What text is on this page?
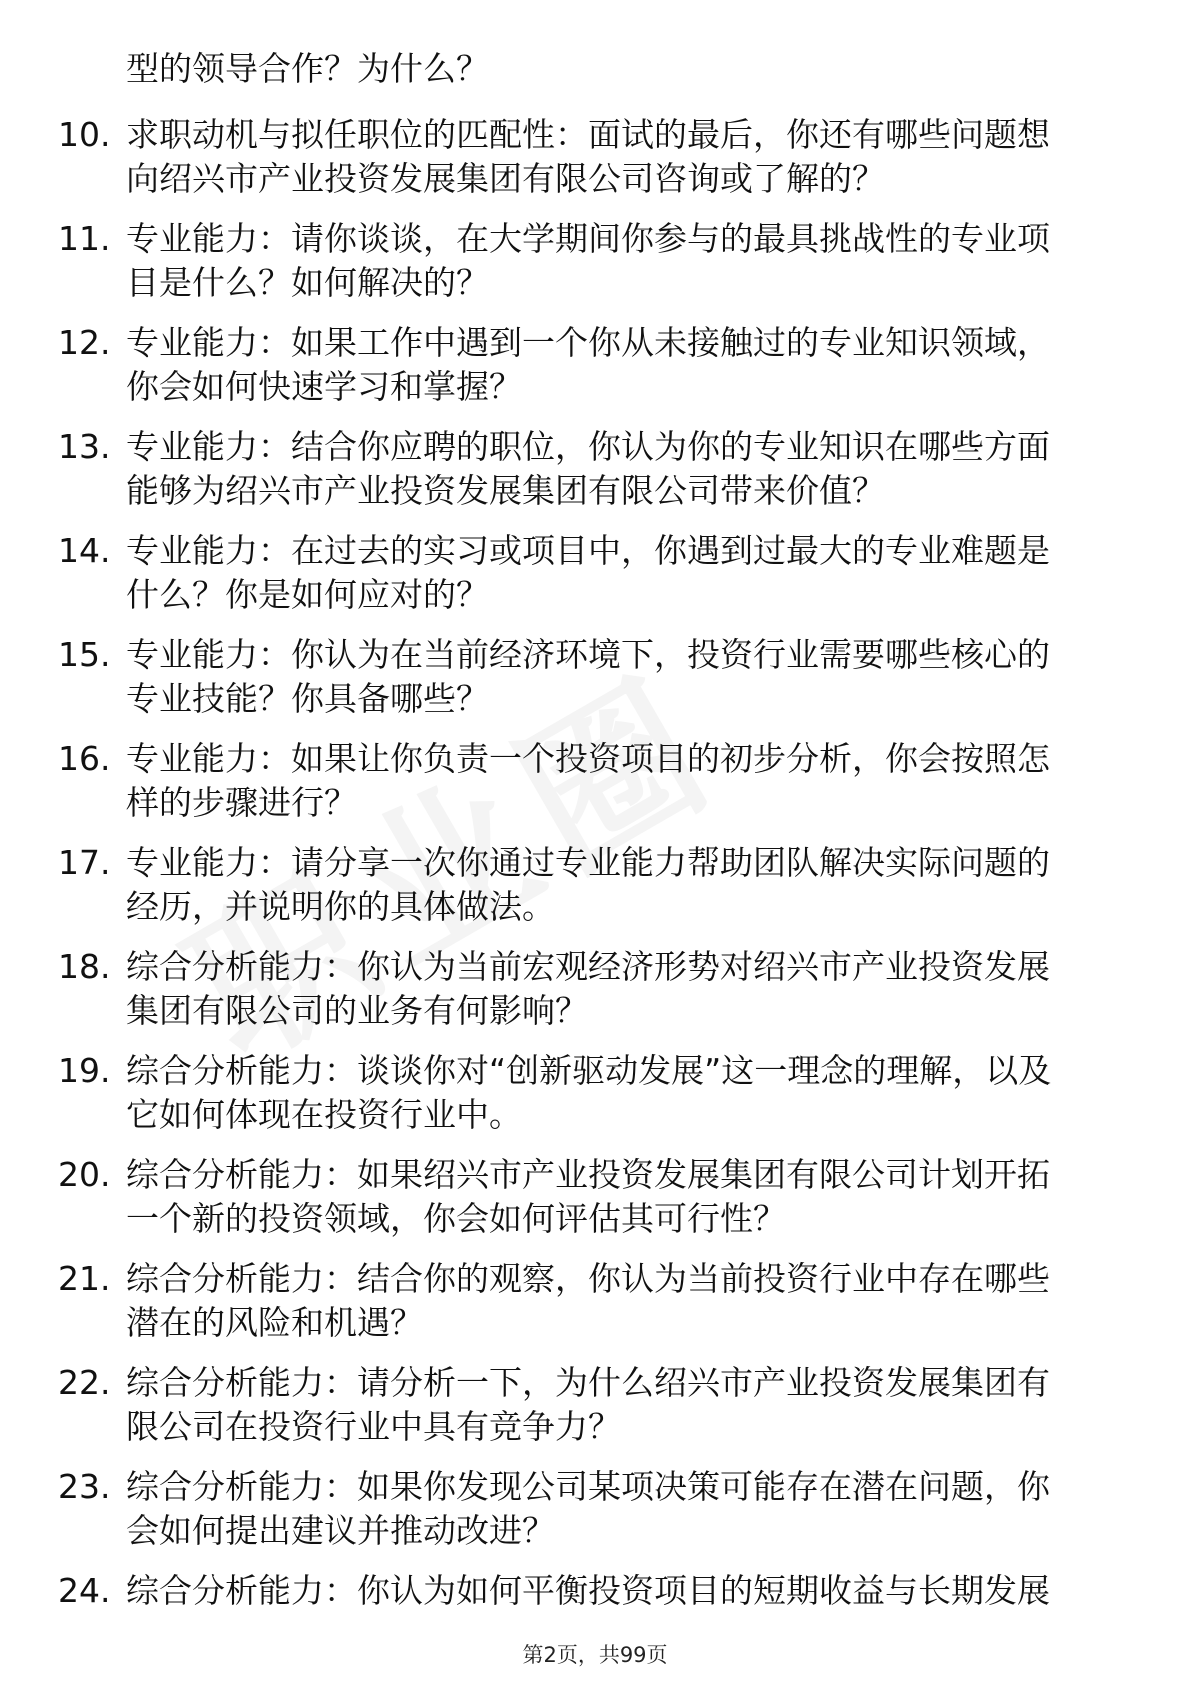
型的领导合作？为什么？
10. 求职动机与拟任职位的匹配性：面试的最后，你还有哪些问题想
向绍兴市产业投资发展集团有限公司咨询或了解的？
11. 专业能力：请你谈谈，在大学期间你参与的最具挑战性的专业项
目是什么？如何解决的？
12. 专业能力：如果工作中遇到一个你从未接触过的专业知识领域，
你会如何快速学习和掌握？
13. 专业能力：结合你应聘的职位，你认为你的专业知识在哪些方面
能够为绍兴市产业投资发展集团有限公司带来价值？
14. 专业能力：在过去的实习或项目中，你遇到过最大的专业难题是
什么？你是如何应对的？
15. 专业能力：你认为在当前经济环境下，投资行业需要哪些核心的
专业技能？你具备哪些？
16. 专业能力：如果让你负责一个投资项目的初步分析，你会按照怎
样的步骤进行？
17. 专业能力：请分享一次你通过专业能力帮助团队解决实际问题的
经历，并说明你的具体做法。
18. 综合分析能力：你认为当前宏观经济形势对绍兴市产业投资发展
集团有限公司的业务有何影响？
19. 综合分析能力：谈谈你对“创新驱动发展”这一理念的理解，以及
它如何体现在投资行业中。
20. 综合分析能力：如果绍兴市产业投资发展集团有限公司计划开拓
一个新的投资领域，你会如何评估其可行性？
21. 综合分析能力：结合你的观察，你认为当前投资行业中存在哪些
潜在的风险和机遇？
22. 综合分析能力：请分析一下，为什么绍兴市产业投资发展集团有
限公司在投资行业中具有竞争力？
23. 综合分析能力：如果你发现公司某项决策可能存在潜在问题，你
会如何提出建议并推动改进？
24. 综合分析能力：你认为如何平衡投资项目的短期收益与长期发展
第2页，共99页
